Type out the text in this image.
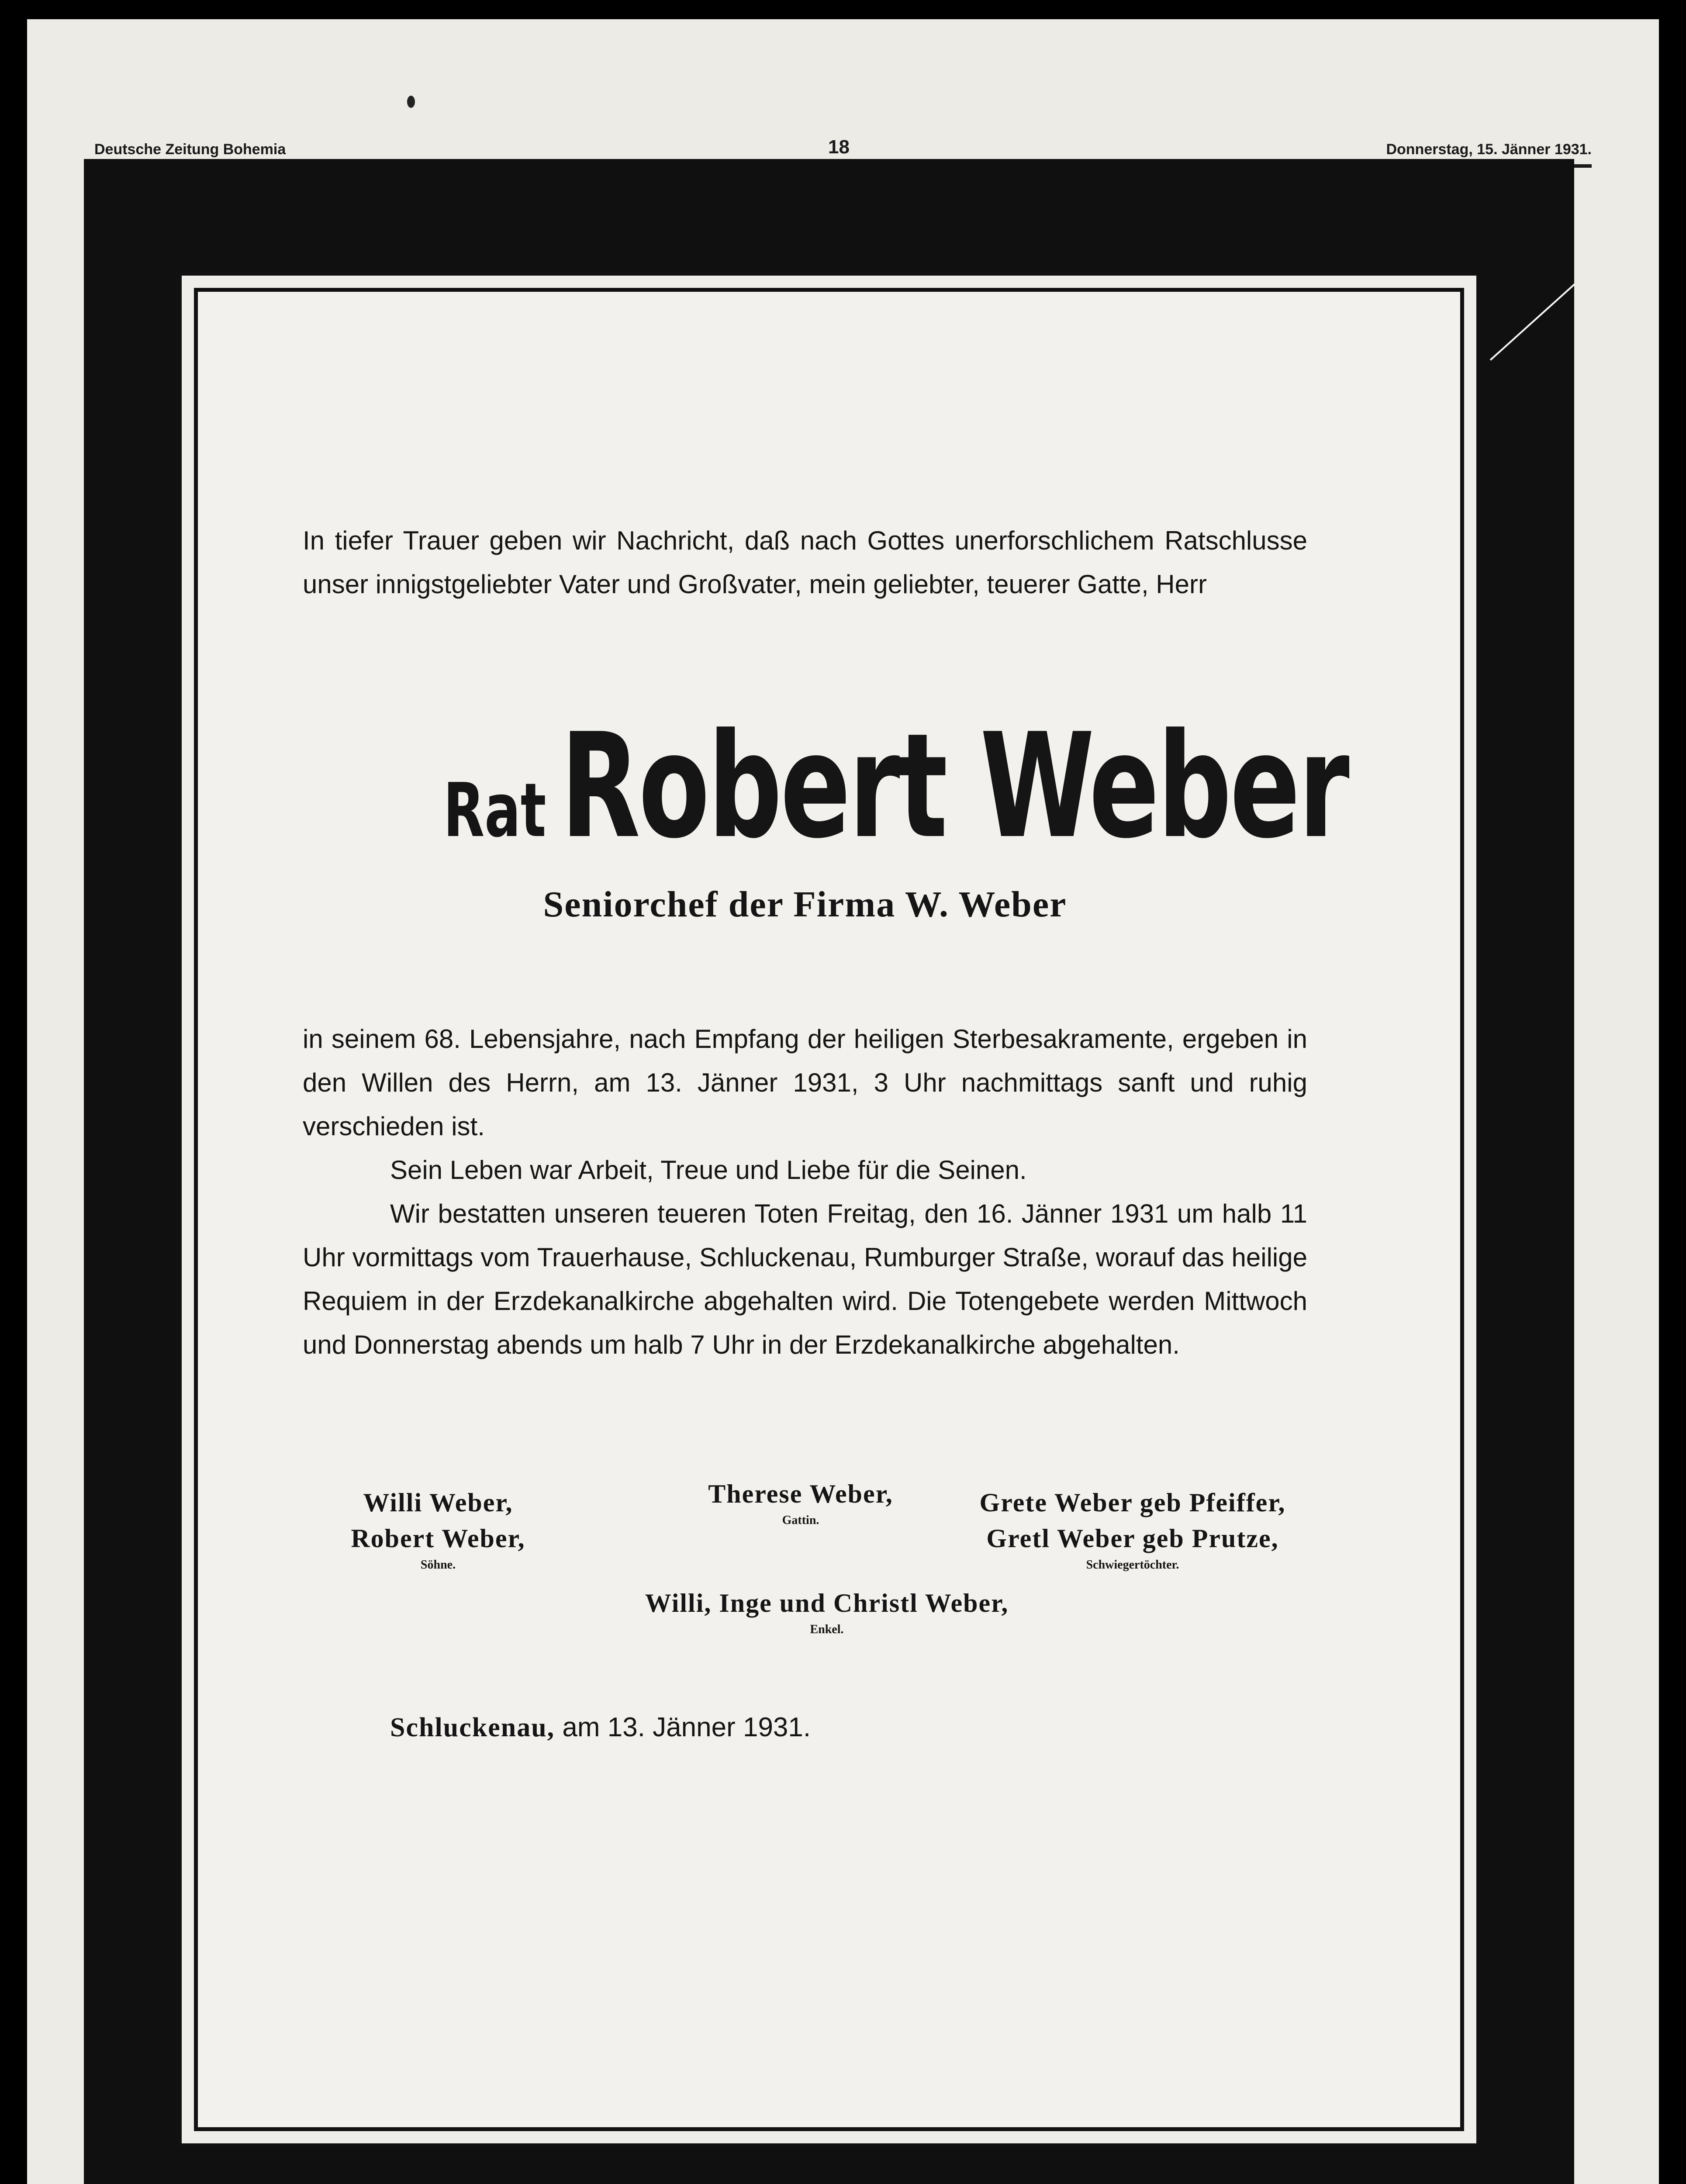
Deutsche Zeitung Bohemia	18	Donnerstag, 15. Jänner 1931.
In tiefer Trauer geben wir Nachricht, daß nach Gottes unerforschlichem Ratschlusse unser innigstgeliebter Vater und Großvater, mein geliebter, teuerer Gatte, Herr
Rat Robert Weber
Seniorchef der Firma W. Weber
in seinem 68. Lebensjahre, nach Empfang der heiligen Sterbesakramente, ergeben in den Willen des Herrn, am 13. Jänner 1931, 3 Uhr nachmittags sanft und ruhig verschieden ist.
Sein Leben war Arbeit, Treue und Liebe für die Seinen.
Wir bestatten unseren teueren Toten Freitag, den 16. Jänner 1931 um halb 11 Uhr vormittags vom Trauerhause, Schluckenau, Rumburger Straße, worauf das heilige Requiem in der Erzdekanalkirche abgehalten wird. Die Totengebete werden Mittwoch und Donnerstag abends um halb 7 Uhr in der Erzdekanalkirche abgehalten.
Willi Weber,
Robert Weber,
Söhne.
Therese Weber,
Gattin.
Grete Weber geb Pfeiffer,
Gretl Weber geb Prutze,
Schwiegertöchter.
Willi, Inge und Christl Weber,
Enkel.
Schluckenau, am 13. Jänner 1931.
